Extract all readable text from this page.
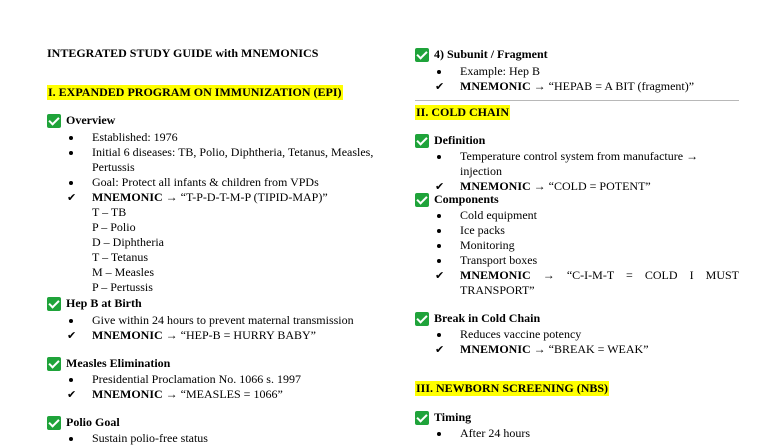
INTEGRATED STUDY GUIDE with MNEMONICS
I. EXPANDED PROGRAM ON IMMUNIZATION (EPI)
Overview
Established: 1976
Initial 6 diseases: TB, Polio, Diphtheria, Tetanus, Measles, Pertussis
Goal: Protect all infants & children from VPDs
✔ MNEMONIC → “T-P-D-T-M-P (TIPID-MAP)”
T – TB
P – Polio
D – Diphtheria
T – Tetanus
M – Measles
P – Pertussis
Hep B at Birth
Give within 24 hours to prevent maternal transmission
✔ MNEMONIC → “HEP-B = HURRY BABY”
Measles Elimination
Presidential Proclamation No. 1066 s. 1997
✔ MNEMONIC → “MEASLES = 1066”
Polio Goal
Sustain polio-free status
4) Subunit / Fragment
Example: Hep B
✔ MNEMONIC → “HEPAB = A BIT (fragment)”
II. COLD CHAIN
Definition
Temperature control system from manufacture → injection
✔ MNEMONIC → “COLD = POTENT”
Components
Cold equipment
Ice packs
Monitoring
Transport boxes
✔ MNEMONIC → “C-I-M-T = COLD I MUST TRANSPORT”
Break in Cold Chain
Reduces vaccine potency
✔ MNEMONIC → “BREAK = WEAK”
III. NEWBORN SCREENING (NBS)
Timing
After 24 hours
